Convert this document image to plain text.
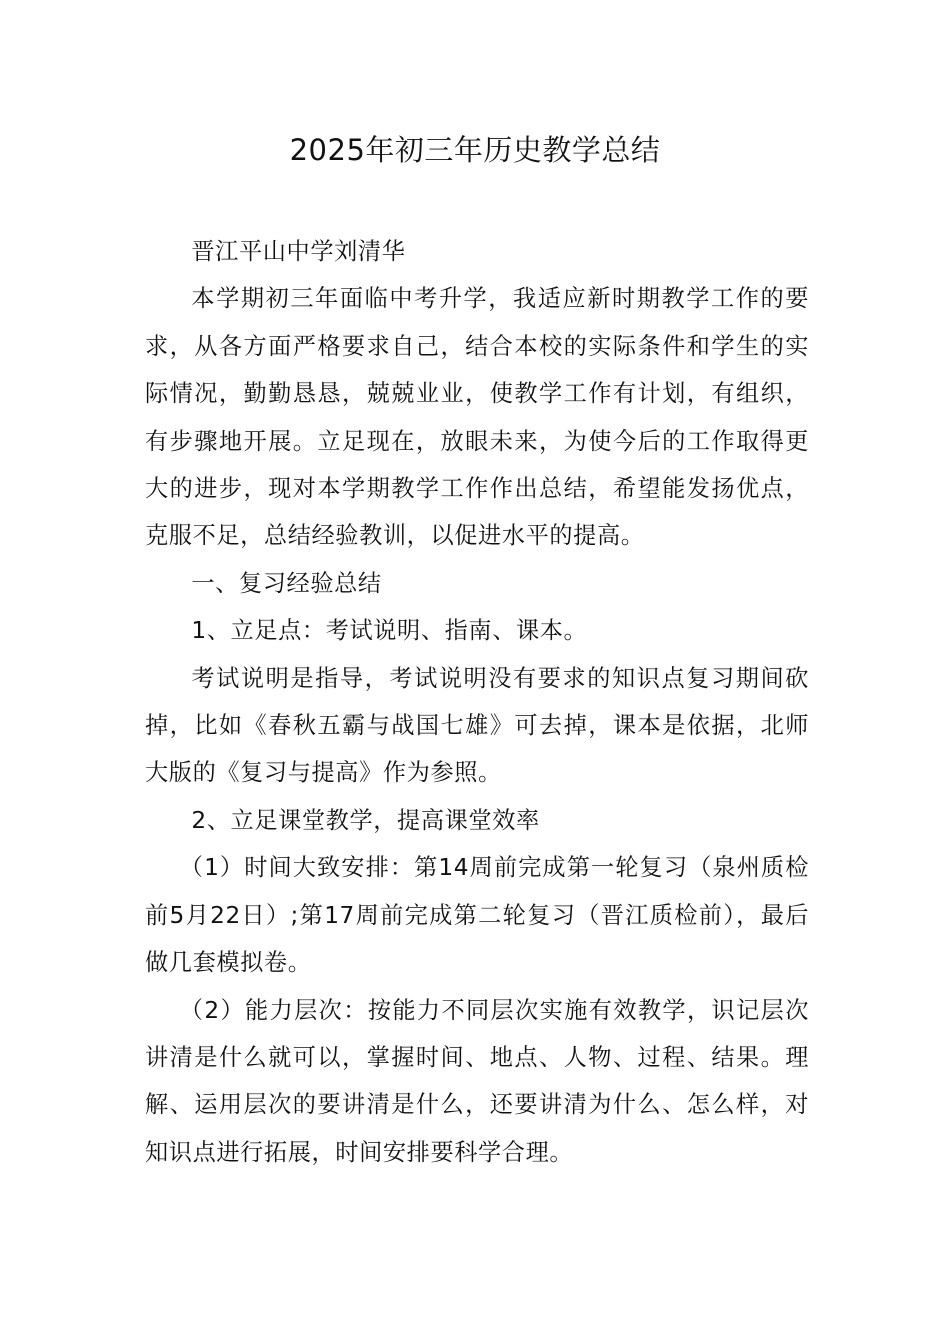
2025年初三年历史教学总结

晋江平山中学刘清华

本学期初三年面临中考升学，我适应新时期教学工作的要求，从各方面严格要求自己，结合本校的实际条件和学生的实际情况，勤勤恳恳，兢兢业业，使教学工作有计划，有组织，有步骤地开展。立足现在，放眼未来，为使今后的工作取得更大的进步，现对本学期教学工作作出总结，希望能发扬优点，克服不足，总结经验教训，以促进水平的提高。

一、复习经验总结

1、立足点：考试说明、指南、课本。

考试说明是指导，考试说明没有要求的知识点复习期间砍掉，比如《春秋五霸与战国七雄》可去掉，课本是依据，北师大版的《复习与提高》作为参照。

2、立足课堂教学，提高课堂效率

（1）时间大致安排：第14周前完成第一轮复习（泉州质检前5月22日）;第17周前完成第二轮复习（晋江质检前），最后做几套模拟卷。

（2）能力层次：按能力不同层次实施有效教学，识记层次讲清是什么就可以，掌握时间、地点、人物、过程、结果。理解、运用层次的要讲清是什么，还要讲清为什么、怎么样，对知识点进行拓展，时间安排要科学合理。
